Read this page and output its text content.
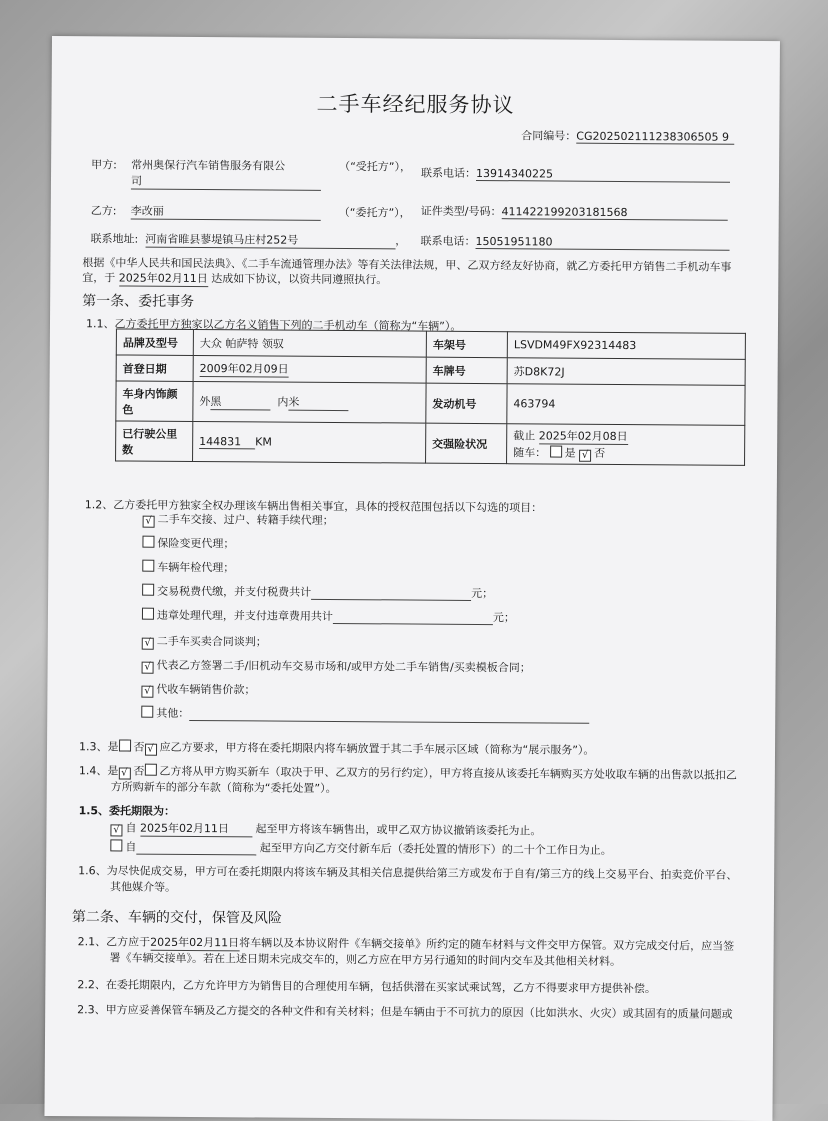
二手车经纪服务协议
合同编号：CG202502111238306505 9
甲方: 常州奥保行汽车销售服务有限公
司
（“受托方”）， 联系电话：13914340225
乙方: 李改丽	（“委托方”）， 证件类型/号码：411422199203181568
联系地址: 河南省睢县蓼堤镇马庄村252号	， 联系电话：15051951180
根据《中华人民共和国民法典》、《二手车流通管理办法》等有关法律法规，甲、乙双方经友好协商，就乙方委托甲方销售二手机动车事
宜，于 2025年02月11日 达成如下协议，以资共同遵照执行。
第一条、委托事务
1.1、乙方委托甲方独家以乙方名义销售下列的二手机动车（简称为“车辆”）。
品牌及型号	大众 帕萨特 领驭	车架号	LSVDM49FX92314483
首登日期	2009年02月09日	车牌号	苏D8K72J
车身内饰颜色	外黑 内米	发动机号	463794
已行驶公里数	144831 KM	交强险状况	截止 2025年02月08日
随车： 是 √ 否
1.2、乙方委托甲方独家全权办理该车辆出售相关事宜，具体的授权范围包括以下勾选的项目：
√二手车交接、过户、转籍手续代理；
保险变更代理；
车辆年检代理；
交易税费代缴，并支付税费共计	元；
违章处理代理，并支付违章费用共计	元；
√二手车买卖合同谈判；
√代表乙方签署二手/旧机动车交易市场和/或甲方处二手车销售/买卖模板合同；
√代收车辆销售价款；
其他：
1.3、是 否 √ 应乙方要求，甲方将在委托期限内将车辆放置于其二手车展示区域（简称为“展示服务”）。
1.4、是 √ 否 乙方将从甲方购买新车（取决于甲、乙双方的另行约定），甲方将直接从该委托车辆购买方处收取车辆的出售款以抵扣乙
方所购新车的部分车款（简称为“委托处置”）。
1.5、委托期限为：
√自 2025年02月11日 起至甲方将该车辆售出，或甲乙双方协议撤销该委托为止。
自	起至甲方向乙方交付新车后（委托处置的情形下）的二十个工作日为止。
1.6、为尽快促成交易，甲方可在委托期限内将该车辆及其相关信息提供给第三方或发布于自有/第三方的线上交易平台、拍卖竞价平台、
其他媒介等。
第二条、车辆的交付，保管及风险
2.1、乙方应于2025年02月11日将车辆以及本协议附件《车辆交接单》所约定的随车材料与文件交甲方保管。双方完成交付后，应当签
署《车辆交接单》。若在上述日期未完成交车的，则乙方应在甲方另行通知的时间内交车及其他相关材料。
2.2、在委托期限内，乙方允许甲方为销售目的合理使用车辆，包括供潜在买家试乘试驾，乙方不得要求甲方提供补偿。
2.3、甲方应妥善保管车辆及乙方提交的各种文件和有关材料；但是车辆由于不可抗力的原因（比如洪水、火灾）或其固有的质量问题或
